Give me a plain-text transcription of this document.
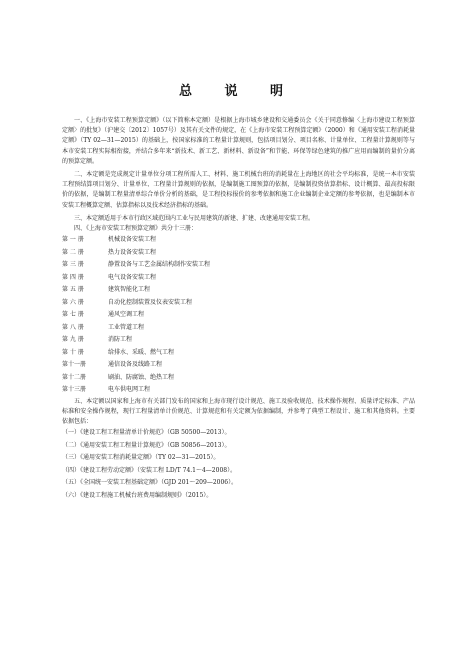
总 说 明

一、《上海市安装工程预算定额》（以下简称本定额）是根据上海市城乡建设和交通委员会《关于同意修编〈上海市建设工程预算定额〉的批复》（沪建交〔2012〕1057号）及其有关文件的规定，在《上海市安装工程预算定额》（2000）和《通用安装工程消耗量定额》（TY 02—31—2015）的基础上，按国家标准的工程量计算规则，包括项目划分、项目名称、计量单位、工程量计算规则等与本市安装工程实际相衔接，并结合多年来“新技术、新工艺、新材料、新设备”和节能、环保等绿色建筑的推广应用而编制的量价分离的预算定额。

二、本定额是完成规定计量单位分项工程所需人工、材料、施工机械台班的消耗量在上海地区的社会平均标准，是统一本市安装工程预结算项目划分、计量单位、工程量计算规则的依据，是编制施工图预算的依据，是编制投资估算指标、设计概算、最高投标限价的依据，是编制工程量清单综合单价分析的基础，是工程投标报价的参考依据和施工企业编制企业定额的参考依据，也是编制本市安装工程概算定额、估算指标以及技术经济指标的基础。

三、本定额适用于本市行政区域范围内工业与民用建筑的新建、扩建、改建通用安装工程。

四、《上海市安装工程预算定额》共分十三册：

第 一 册	机械设备安装工程
第 二 册	热力设备安装工程
第 三 册	静置设备与工艺金属结构制作安装工程
第 四 册	电气设备安装工程
第 五 册	建筑智能化工程
第 六 册	自动化控制装置及仪表安装工程
第 七 册	通风空调工程
第 八 册	工业管道工程
第 九 册	消防工程
第 十 册	给排水、采暖、燃气工程
第十一册	通信设备及线路工程
第十二册	刷油、防腐蚀、绝热工程
第十三册	电车供电网工程

五、本定额以国家和上海市有关部门发布的国家和上海市现行设计规范、施工及验收规范、技术操作规程、质量评定标准、产品标准和安全操作规程，现行工程量清单计价规范、计算规范和有关定额为依据编制，并参考了典型工程设计、施工和其他资料。主要依据包括：

（一）《建设工程工程量清单计价规范》（GB 50500—2013）。
（二）《通用安装工程工程量计算规范》（GB 50856—2013）。
（三）《通用安装工程消耗量定额》（TY 02—31—2015）。
（四）《建设工程劳动定额》（安装工程 LD/T 74.1～4—2008）。
（五）《全国统一安装工程基础定额》（GJD 201～209—2006）。
（六）《建设工程施工机械台班费用编制规则》（2015）。
